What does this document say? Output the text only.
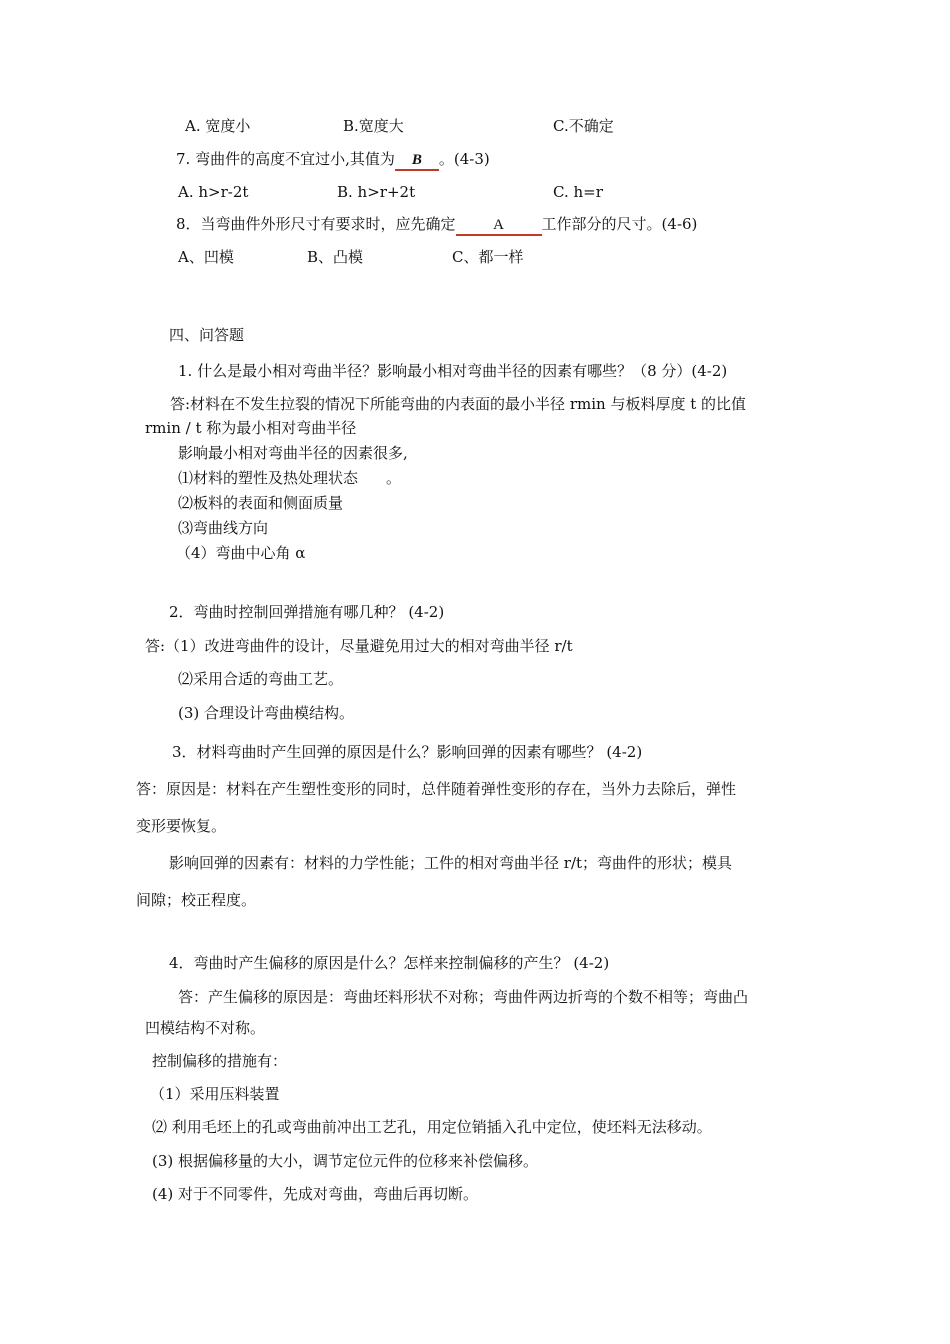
A. 宽度小	B.宽度大	C.不确定
7. 弯曲件的高度不宜过小,其值为 B 。(4-3)
A. h>r-2t	B. h>r+2t	C. h=r
8．当弯曲件外形尺寸有要求时，应先确定	A	工作部分的尺寸。(4-6)
A、凹模	B、凸模	C、都一样
四、问答题
1. 什么是最小相对弯曲半径？影响最小相对弯曲半径的因素有哪些？（8 分）(4-2)
答:材料在不发生拉裂的情况下所能弯曲的内表面的最小半径 rmin 与板料厚度 t 的比值
rmin / t 称为最小相对弯曲半径
影响最小相对弯曲半径的因素很多,
⑴材料的塑性及热处理状态 。
⑵板料的表面和侧面质量
⑶弯曲线方向
（4）弯曲中心角 α
2．弯曲时控制回弹措施有哪几种？ (4-2)
答:（1）改进弯曲件的设计，尽量避免用过大的相对弯曲半径 r/t
⑵采用合适的弯曲工艺。
(3) 合理设计弯曲模结构。
3．材料弯曲时产生回弹的原因是什么？影响回弹的因素有哪些？ (4-2)
答：原因是：材料在产生塑性变形的同时，总伴随着弹性变形的存在，当外力去除后，弹性
变形要恢复。
影响回弹的因素有：材料的力学性能；工件的相对弯曲半径 r/t；弯曲件的形状；模具
间隙；校正程度。
4．弯曲时产生偏移的原因是什么？怎样来控制偏移的产生？ (4-2)
答：产生偏移的原因是：弯曲坯料形状不对称；弯曲件两边折弯的个数不相等；弯曲凸
凹模结构不对称。
控制偏移的措施有：
（1）采用压料装置
⑵ 利用毛坯上的孔或弯曲前冲出工艺孔，用定位销插入孔中定位，使坯料无法移动。
(3) 根据偏移量的大小，调节定位元件的位移来补偿偏移。
(4) 对于不同零件，先成对弯曲，弯曲后再切断。
